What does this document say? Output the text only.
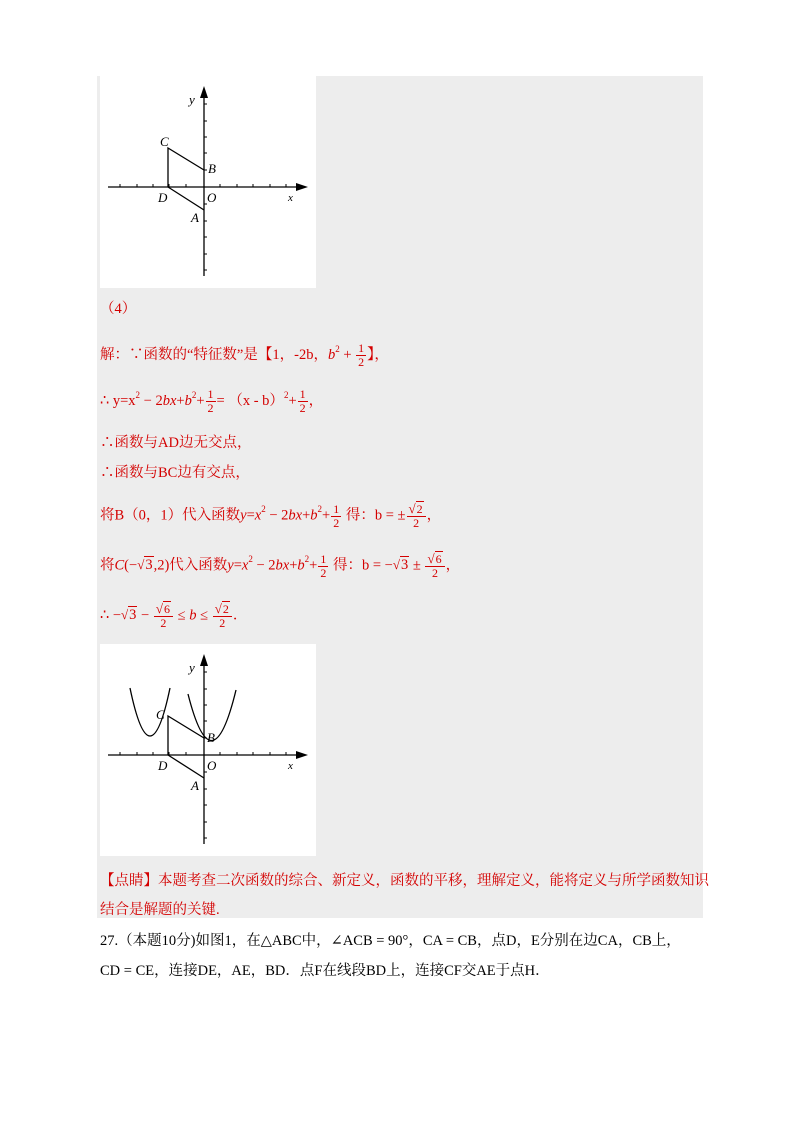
y
x
C
B
D	O
A
（4）
解：∵函数的“特征数”是【1，-2b，$b^2 + \frac{1}{2}$ 】，
∴ $y=x^2 - 2bx+b^2+ \frac{1}{2} = (x - b)^2+ \frac{1}{2}$ ，
∴函数与AD边无交点，
∴函数与BC边有交点，
将B（0，1）代入函数$y=x^2 - 2bx+b^2+ \frac{1}{2}$ 得：b = ± $\frac{√2}{2}$ ，
将C(−√3,2)代入函数$y=x^2 - 2bx+b^2+ \frac{1}{2}$ 得：$b = -√3 \pm \frac{√6}{2}$ ，
∴ $-√3 - \frac{√6}{2} \le b \le \frac{√2}{2}$ ．
y
x
C
B
D	O
A
【点睛】本题考查二次函数的综合、新定义，函数的平移，理解定义，能将定义与所学函数知识
结合是解题的关键.
27.（本题10分)如图1，在△ABC中，∠ACB = 90°，CA = CB，点D，E分别在边CA，CB上，
CD = CE，连接DE，AE，BD．点F在线段BD上，连接CF交AE于点H．
